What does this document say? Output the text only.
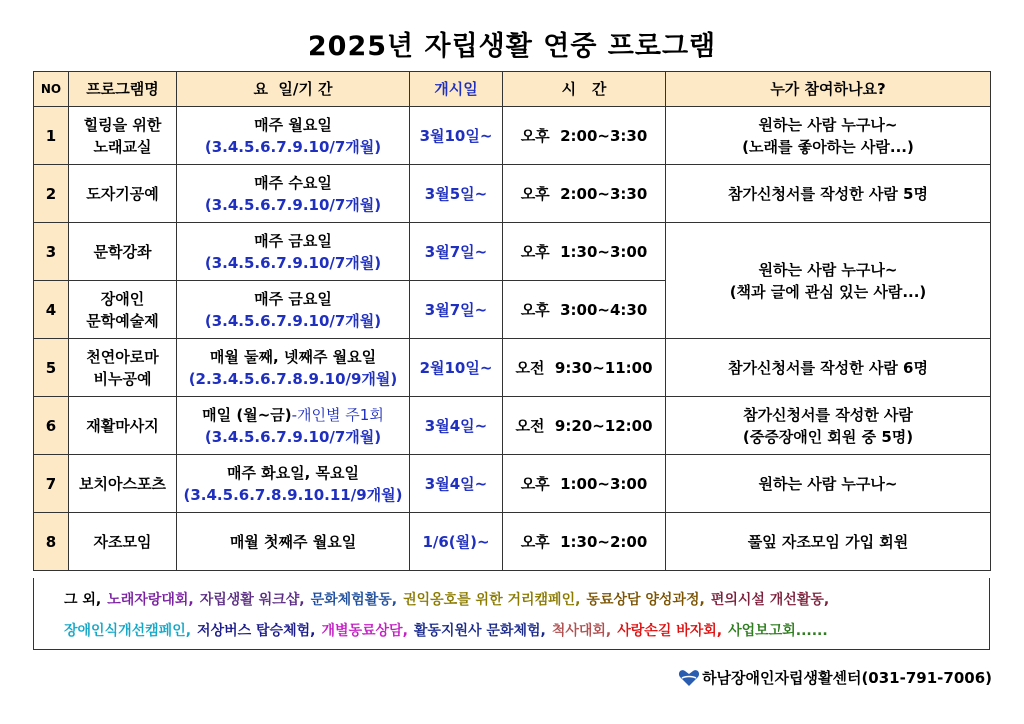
2025년 자립생활 연중 프로그램
NO	프로그램명	요  일/기 간	개시일	시   간	누가 참여하나요?
1	힐링을 위한
노래교실	매주 월요일
(3.4.5.6.7.9.10/7개월)	3월10일~	오후  2:00~3:30	원하는 사람 누구나~
(노래를 좋아하는 사람...)

2	도자기공예	매주 수요일
(3.4.5.6.7.9.10/7개월)	3월5일~	오후  2:00~3:30	참가신청서를 작성한 사람 5명
3	문학강좌	매주 금요일
(3.4.5.6.7.9.10/7개월)	3월7일~	오후  1:30~3:00	원하는 사람 누구나~
(책과 글에 관심 있는 사람...)

4	장애인
문학예술제	매주 금요일
(3.4.5.6.7.9.10/7개월)	3월7일~	오후  3:00~4:30	
5	천연아로마
비누공예	매월 둘째, 넷째주 월요일
(2.3.4.5.6.7.8.9.10/9개월)	2월10일~	오전  9:30~11:00	참가신청서를 작성한 사람 6명
6	재활마사지	매일 (월~금)-개인별 주1회
(3.4.5.6.7.9.10/7개월)	3월4일~	오전  9:20~12:00	참가신청서를 작성한 사람
(중증장애인 회원 중 5명)

7	보치아스포츠	매주 화요일, 목요일
(3.4.5.6.7.8.9.10.11/9개월)	3월4일~	오후  1:00~3:00	원하는 사람 누구나~
8	자조모임	매월 첫째주 월요일	1/6(월)~	오후  1:30~2:00	풀잎 자조모임 가입 회원
그 외, 노래자랑대회, 자립생활 워크샵, 문화체험활동, 권익옹호를 위한 거리캠페인, 동료상담 양성과정, 편의시설 개선활동,
장애인식개선캠페인, 저상버스 탑승체험, 개별동료상담, 활동지원사 문화체험, 척사대회, 사랑손길 바자회, 사업보고회......
하남장애인자립생활센터(031-791-7006)
